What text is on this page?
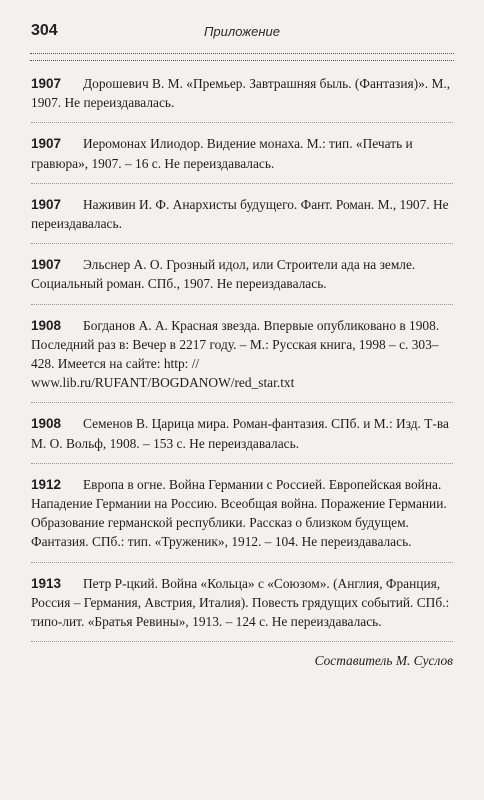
304	Приложение
1907 Дорошевич В. М. «Премьер. Завтрашняя быль. (Фантазия)». М., 1907. Не переиздавалась.
1907 Иеромонах Илиодор. Видение монаха. М.: тип. «Печать и гравюра», 1907. – 16 с. Не переиздавалась.
1907 Наживин И. Ф. Анархисты будущего. Фант. Роман. М., 1907. Не переиздавалась.
1907 Эльснер А. О. Грозный идол, или Строители ада на земле. Социальный роман. СПб., 1907. Не переиздавалась.
1908 Богданов А. А. Красная звезда. Впервые опубликовано в 1908. Последний раз в: Вечер в 2217 году. – М.: Русская книга, 1998 – с. 303–428. Имеется на сайте: http: // www.lib.ru/RUFANT/BOGDANOW/red_star.txt
1908 Семенов В. Царица мира. Роман-фантазия. СПб. и М.: Изд. Т-ва М. О. Вольф, 1908. – 153 с. Не переиздавалась.
1912 Европа в огне. Война Германии с Россией. Европейская война. Нападение Германии на Россию. Всеобщая война. Поражение Германии. Образование германской республики. Рассказ о близком будущем. Фантазия. СПб.: тип. «Труженик», 1912. – 104. Не переиздавалась.
1913 Петр Р-цкий. Война «Кольца» с «Союзом». (Англия, Франция, Россия – Германия, Австрия, Италия). Повесть грядущих событий. СПб.: типо-лит. «Братья Ревины», 1913. – 124 с. Не переиздавалась.
Составитель М. Суслов
